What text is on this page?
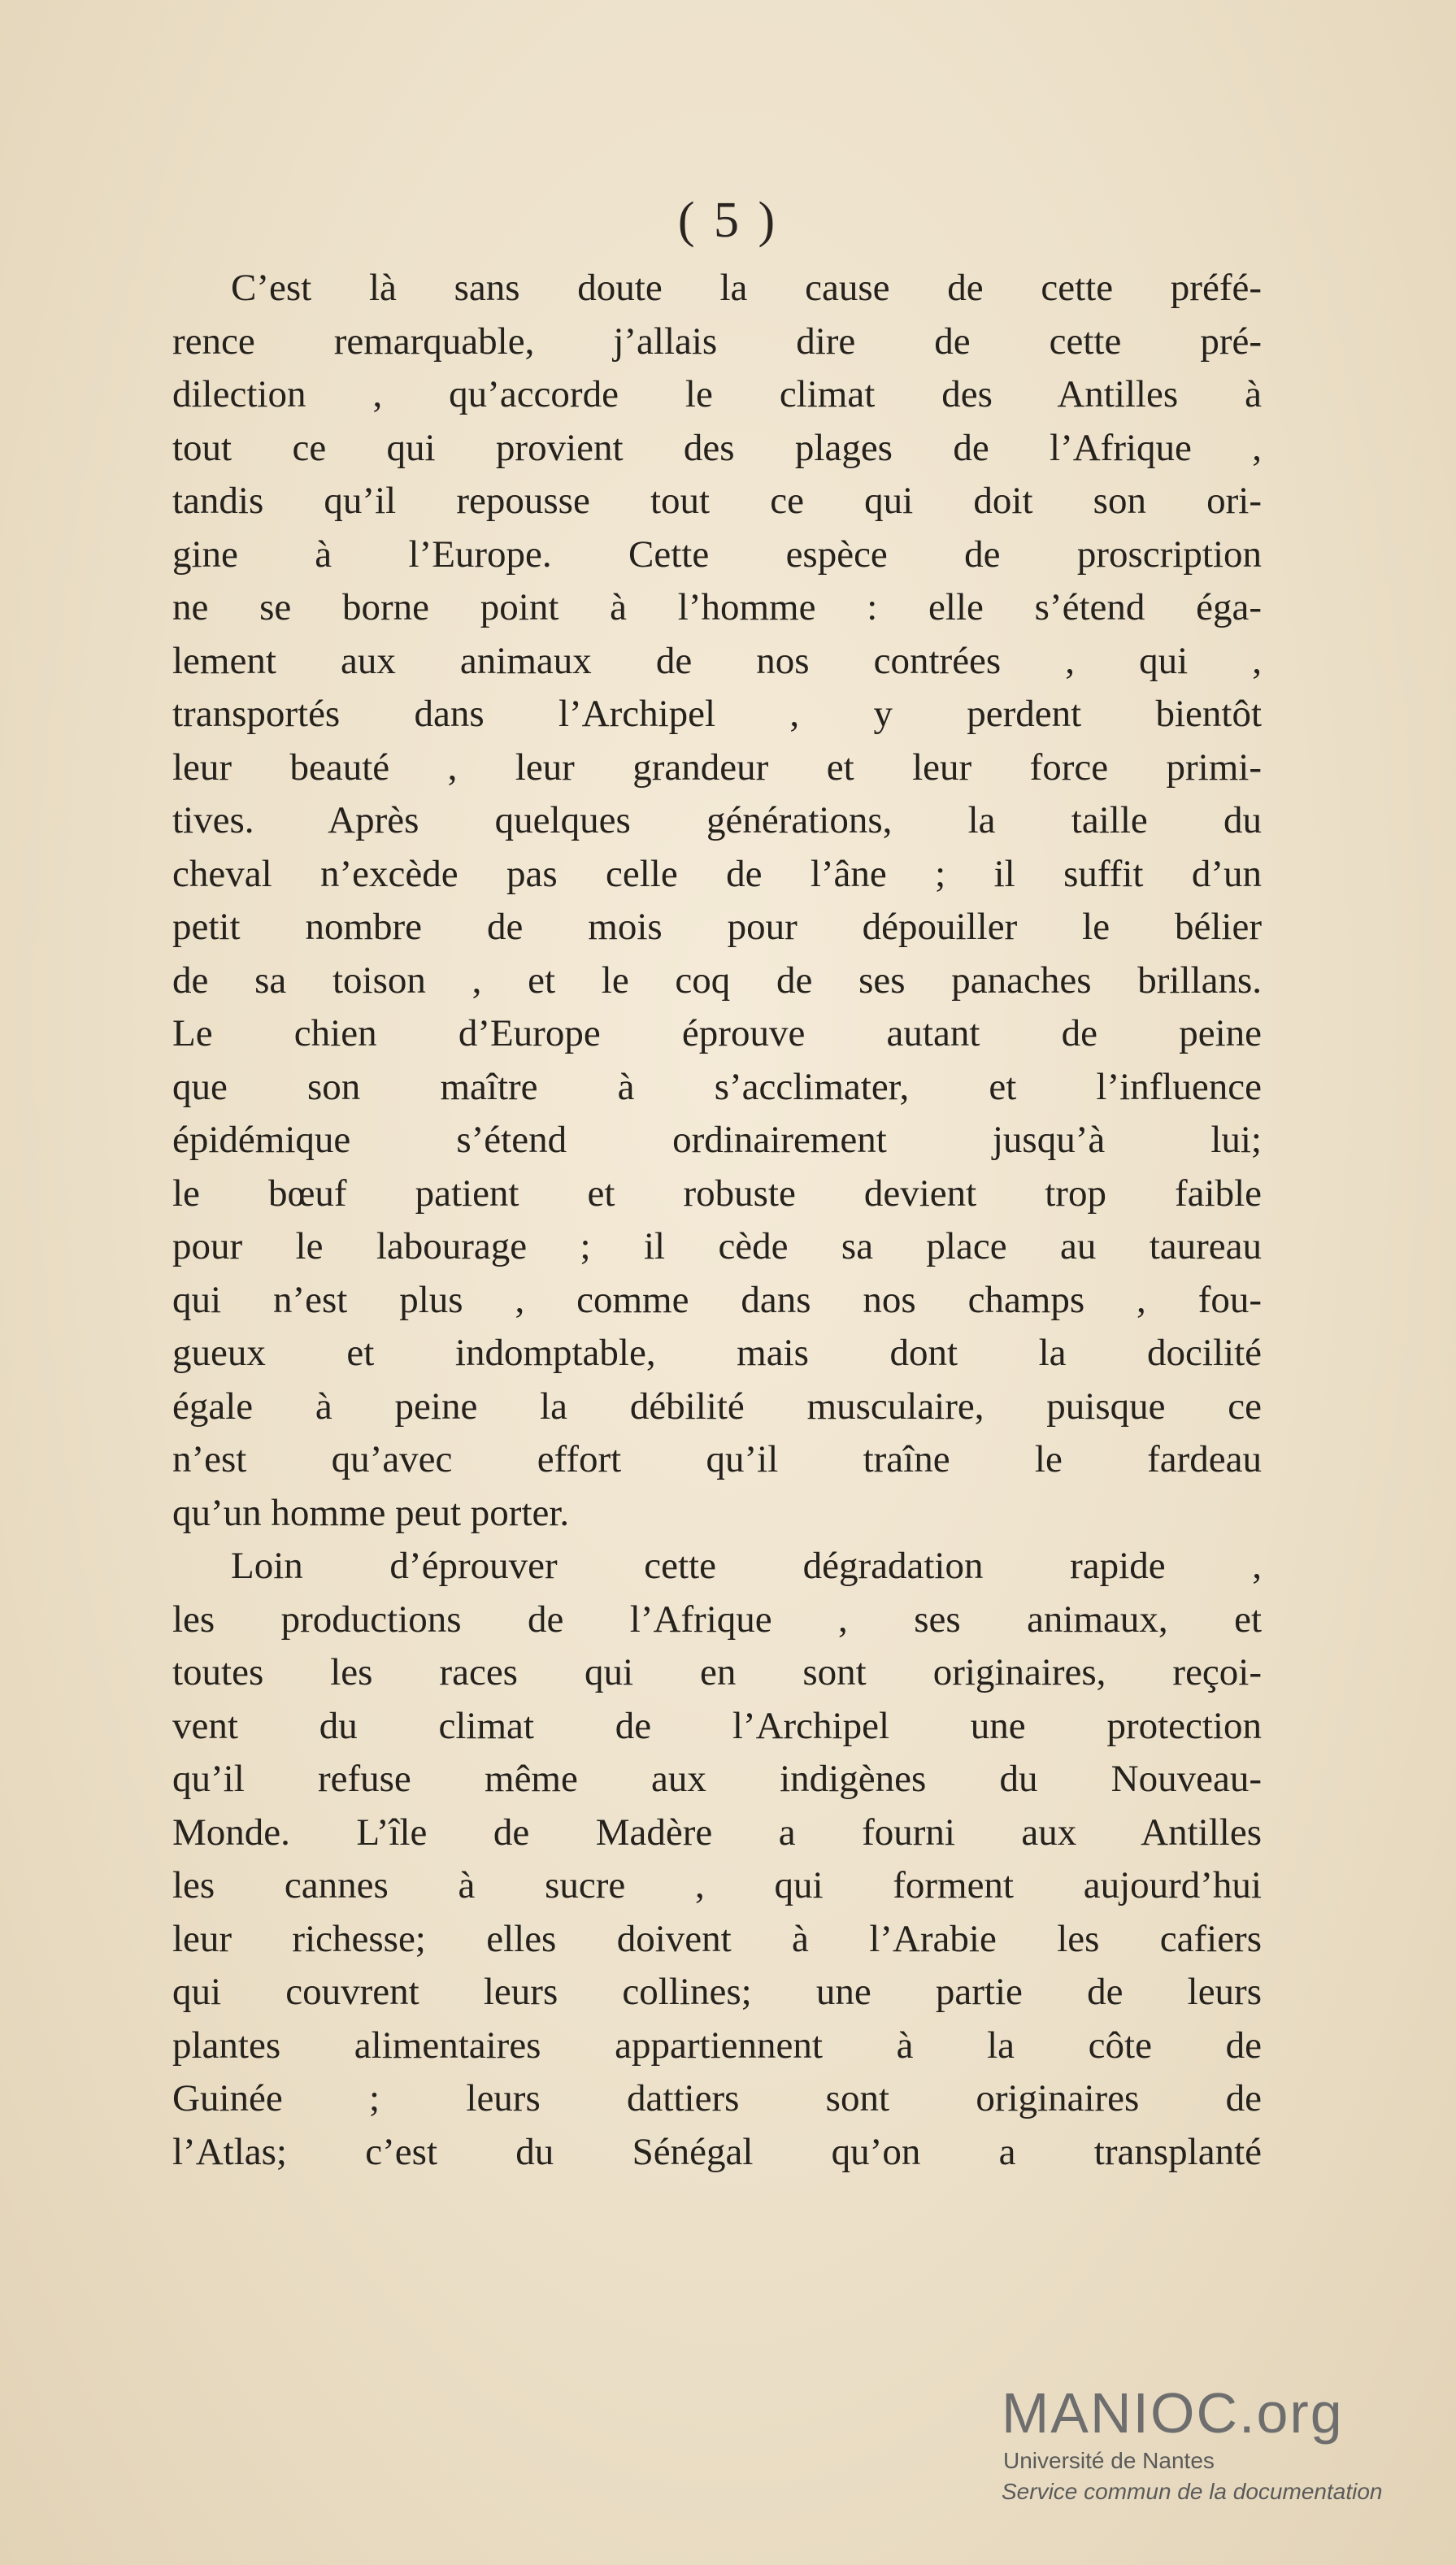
( 5 )
C’est là sans doute la cause de cette préfé-
rence remarquable, j’allais dire de cette pré-
dilection , qu’accorde le climat des Antilles à
tout ce qui provient des plages de l’Afrique ,
tandis qu’il repousse tout ce qui doit son ori-
gine à l’Europe. Cette espèce de proscription
ne se borne point à l’homme : elle s’étend éga-
lement aux animaux de nos contrées , qui ,
transportés dans l’Archipel , y perdent bientôt
leur beauté , leur grandeur et leur force primi-
tives. Après quelques générations, la taille du
cheval n’excède pas celle de l’âne ; il suffit d’un
petit nombre de mois pour dépouiller le bélier
de sa toison , et le coq de ses panaches brillans.
Le chien d’Europe éprouve autant de peine
que son maître à s’acclimater, et l’influence
épidémique s’étend ordinairement jusqu’à lui;
le bœuf patient et robuste devient trop faible
pour le labourage ; il cède sa place au taureau
qui n’est plus , comme dans nos champs , fou-
gueux et indomptable, mais dont la docilité
égale à peine la débilité musculaire, puisque ce
n’est qu’avec effort qu’il traîne le fardeau
qu’un homme peut porter.
Loin d’éprouver cette dégradation rapide ,
les productions de l’Afrique , ses animaux, et
toutes les races qui en sont originaires, reçoi-
vent du climat de l’Archipel une protection
qu’il refuse même aux indigènes du Nouveau-
Monde. L’île de Madère a fourni aux Antilles
les cannes à sucre , qui forment aujourd’hui
leur richesse; elles doivent à l’Arabie les cafiers
qui couvrent leurs collines; une partie de leurs
plantes alimentaires appartiennent à la côte de
Guinée ; leurs dattiers sont originaires de
l’Atlas; c’est du Sénégal qu’on a transplanté
MANIOC.org
Université de Nantes
Service commun de la documentation
